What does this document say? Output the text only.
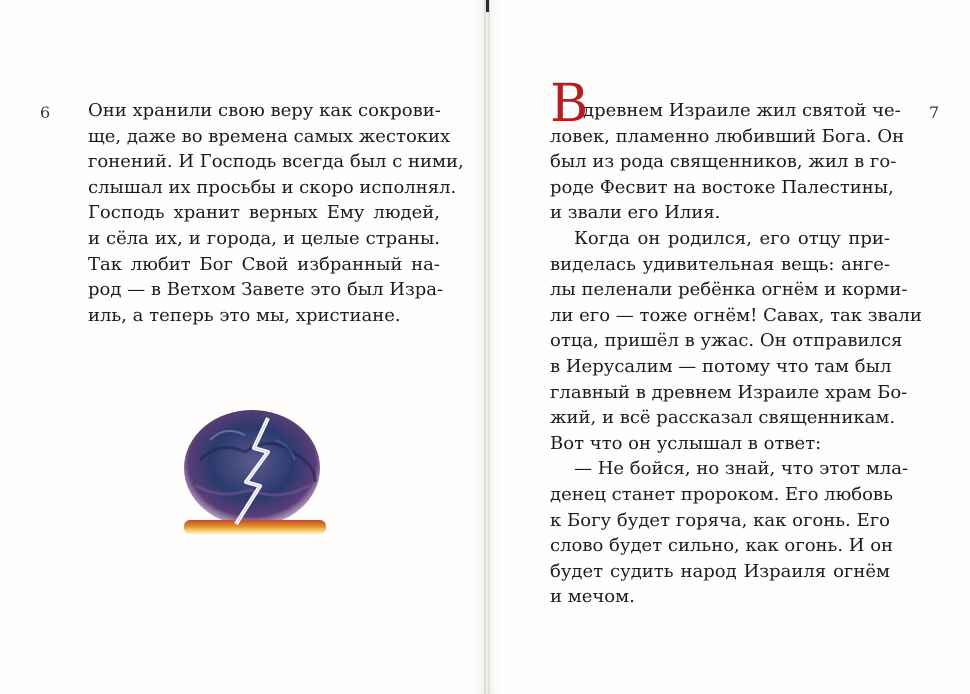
6 Они хранили свою веру как сокрови-
ще, даже во времена самых жестоких
гонений. И Господь всегда был с ними,
слышал их просьбы и скоро исполнял.
Господь хранит верных Ему людей,
и сёла их, и города, и целые страны.
Так любит Бог Свой избранный на-
род — в Ветхом Завете это был Изра-
иль, а теперь это мы, христиане.
7
В
древнем Израиле жил святой че-
ловек, пламенно любивший Бога. Он
был из рода священников, жил в го-
роде Фесвит на востоке Палестины,
и звали его Илия.
Когда он родился, его отцу при-
виделась удивительная вещь: анге-
лы пеленали ребёнка огнём и корми-
ли его — тоже огнём! Савах, так звали
отца, пришёл в ужас. Он отправился
в Иерусалим — потому что там был
главный в древнем Израиле храм Бо-
жий, и всё рассказал священникам.
Вот что он услышал в ответ:
— Не бойся, но знай, что этот мла-
денец станет пророком. Его любовь
к Богу будет горяча, как огонь. Его
слово будет сильно, как огонь. И он
будет судить народ Израиля огнём
и мечом.
